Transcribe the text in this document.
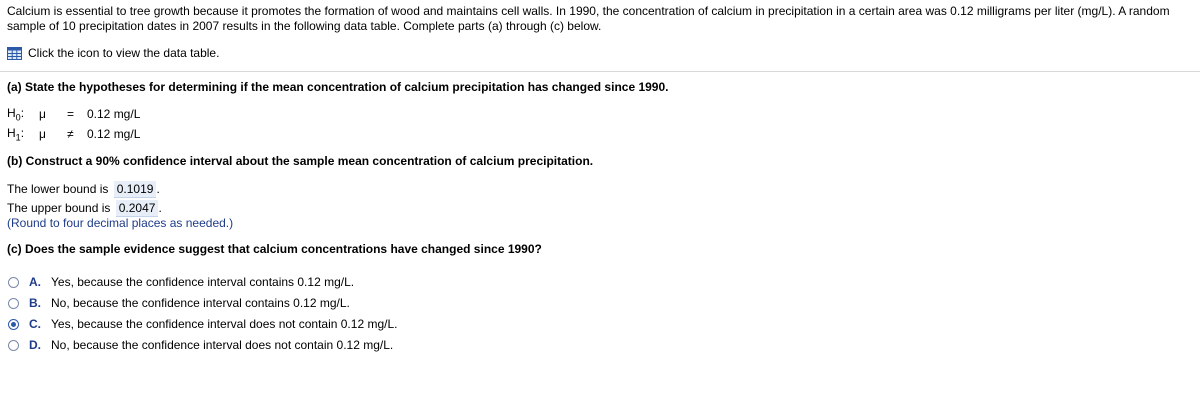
Calcium is essential to tree growth because it promotes the formation of wood and maintains cell walls. In 1990, the concentration of calcium in precipitation in a certain area was 0.12 milligrams per liter (mg/L). A random sample of 10 precipitation dates in 2007 results in the following data table. Complete parts (a) through (c) below.
Click the icon to view the data table.
(a) State the hypotheses for determining if the mean concentration of calcium precipitation has changed since 1990.
$H_0$:	μ	=	0.12 mg/L
$H_1$:	μ	≠	0.12 mg/L
(b) Construct a 90% confidence interval about the sample mean concentration of calcium precipitation.
The lower bound is 0.1019 .
The upper bound is 0.2047 .
(Round to four decimal places as needed.)
(c) Does the sample evidence suggest that calcium concentrations have changed since 1990?
A. Yes, because the confidence interval contains 0.12 mg/L.
B. No, because the confidence interval contains 0.12 mg/L.
C. Yes, because the confidence interval does not contain 0.12 mg/L.
D. No, because the confidence interval does not contain 0.12 mg/L.
